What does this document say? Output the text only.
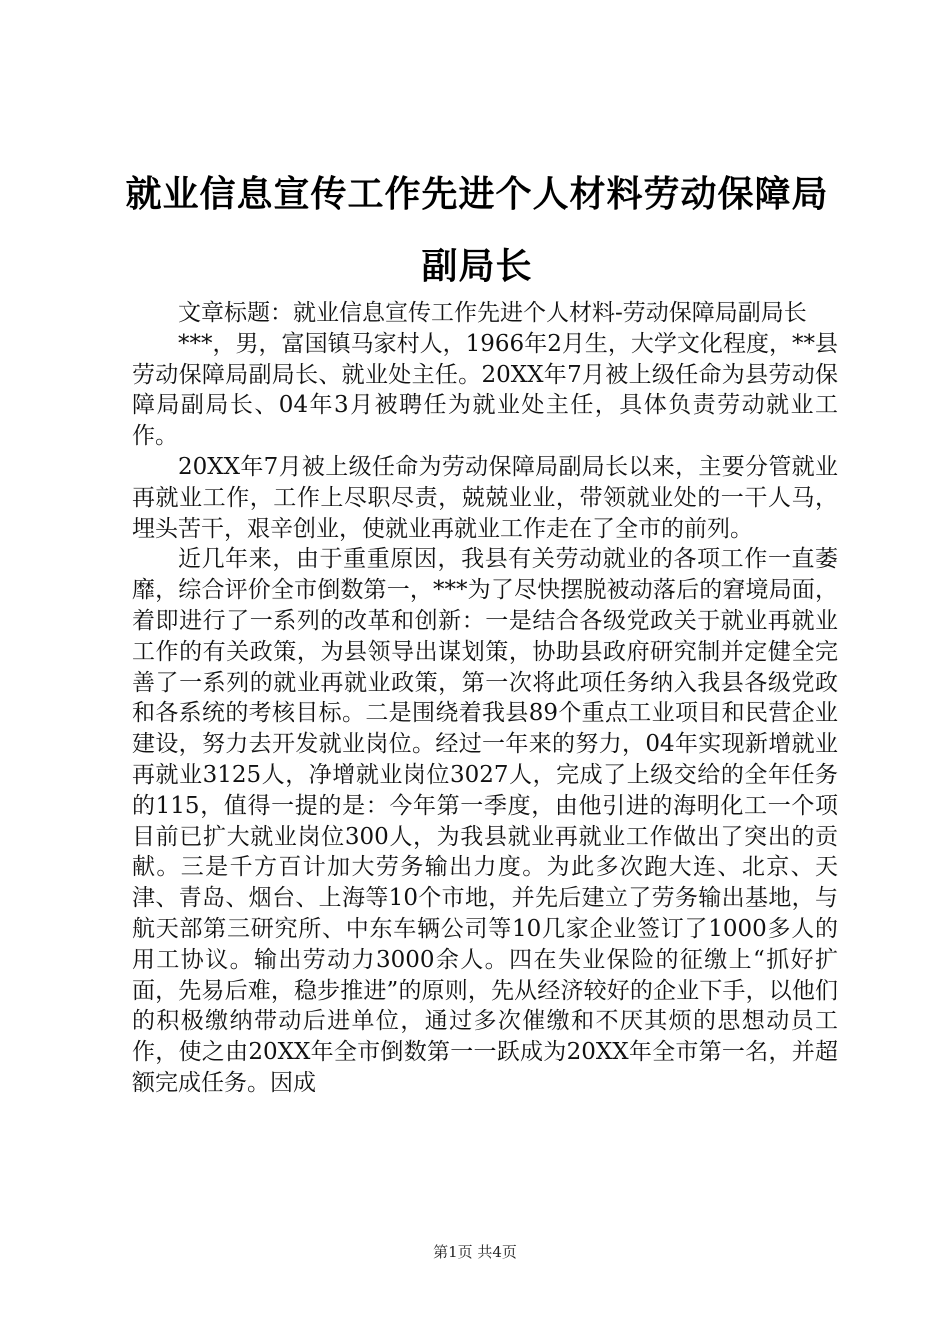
就业信息宣传工作先进个人材料劳动保障局副局长

文章标题：就业信息宣传工作先进个人材料-劳动保障局副局长

***，男，富国镇马家村人，1966年2月生，大学文化程度，**县劳动保障局副局长、就业处主任。20XX年7月被上级任命为县劳动保障局副局长、04年3月被聘任为就业处主任，具体负责劳动就业工作。

20XX年7月被上级任命为劳动保障局副局长以来，主要分管就业再就业工作，工作上尽职尽责，兢兢业业，带领就业处的一干人马，埋头苦干，艰辛创业，使就业再就业工作走在了全市的前列。

近几年来，由于重重原因，我县有关劳动就业的各项工作一直萎靡，综合评价全市倒数第一，***为了尽快摆脱被动落后的窘境局面，着即进行了一系列的改革和创新：一是结合各级党政关于就业再就业工作的有关政策，为县领导出谋划策，协助县政府研究制并定健全完善了一系列的就业再就业政策，第一次将此项任务纳入我县各级党政和各系统的考核目标。二是围绕着我县89个重点工业项目和民营企业建设，努力去开发就业岗位。经过一年来的努力，04年实现新增就业再就业3125人，净增就业岗位3027人，完成了上级交给的全年任务的115，值得一提的是：今年第一季度，由他引进的海明化工一个项目前已扩大就业岗位300人，为我县就业再就业工作做出了突出的贡献。三是千方百计加大劳务输出力度。为此多次跑大连、北京、天津、青岛、烟台、上海等10个市地，并先后建立了劳务输出基地，与航天部第三研究所、中东车辆公司等10几家企业签订了1000多人的用工协议。输出劳动力3000余人。四在失业保险的征缴上“抓好扩面，先易后难，稳步推进”的原则，先从经济较好的企业下手，以他们的积极缴纳带动后进单位，通过多次催缴和不厌其烦的思想动员工作，使之由20XX年全市倒数第一一跃成为20XX年全市第一名，并超额完成任务。因成

第1页 共4页
